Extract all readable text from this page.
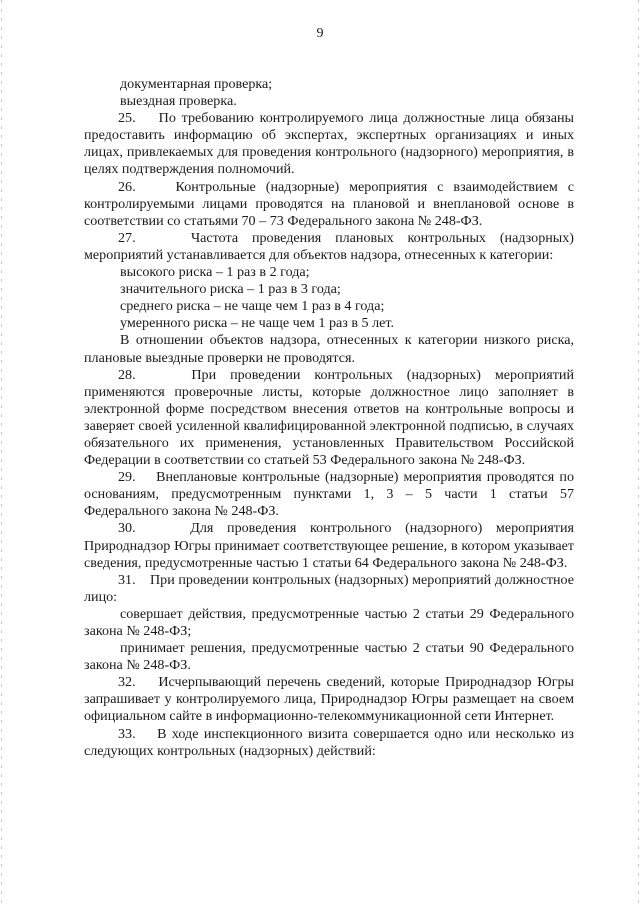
9

документарная проверка;

выездная проверка.

25.    По требованию контролируемого лица должностные лица обязаны предоставить информацию об экспертах, экспертных организациях и иных лицах, привлекаемых для проведения контрольного (надзорного) мероприятия, в целях подтверждения полномочий.

26.    Контрольные (надзорные) мероприятия с взаимодействием с контролируемыми лицами проводятся на плановой и внеплановой основе в соответствии со статьями 70 – 73 Федерального закона № 248-ФЗ.

27.    Частота проведения плановых контрольных (надзорных) мероприятий устанавливается для объектов надзора, отнесенных к категории:

высокого риска – 1 раз в 2 года;

значительного риска – 1 раз в 3 года;

среднего риска – не чаще чем 1 раз в 4 года;

умеренного риска – не чаще чем 1 раз в 5 лет.

В отношении объектов надзора, отнесенных к категории низкого риска, плановые выездные проверки не проводятся.

28.    При проведении контрольных (надзорных) мероприятий применяются проверочные листы, которые должностное лицо заполняет в электронной форме посредством внесения ответов на контрольные вопросы и заверяет своей усиленной квалифицированной электронной подписью, в случаях обязательного их применения, установленных Правительством Российской Федерации в соответствии со статьей 53 Федерального закона № 248-ФЗ.

29.    Внеплановые контрольные (надзорные) мероприятия проводятся по основаниям, предусмотренным пунктами 1, 3 – 5 части 1 статьи 57 Федерального закона № 248-ФЗ.

30.    Для проведения контрольного (надзорного) мероприятия Природнадзор Югры принимает соответствующее решение, в котором указывает сведения, предусмотренные частью 1 статьи 64 Федерального закона № 248-ФЗ.

31.    При проведении контрольных (надзорных) мероприятий должностное лицо:

совершает действия, предусмотренные частью 2 статьи 29 Федерального закона № 248-ФЗ;

принимает решения, предусмотренные частью 2 статьи 90 Федерального закона № 248-ФЗ.

32.    Исчерпывающий перечень сведений, которые Природнадзор Югры запрашивает у контролируемого лица, Природнадзор Югры размещает на своем официальном сайте в информационно-телекоммуникационной сети Интернет.

33.    В ходе инспекционного визита совершается одно или несколько из следующих контрольных (надзорных) действий:
